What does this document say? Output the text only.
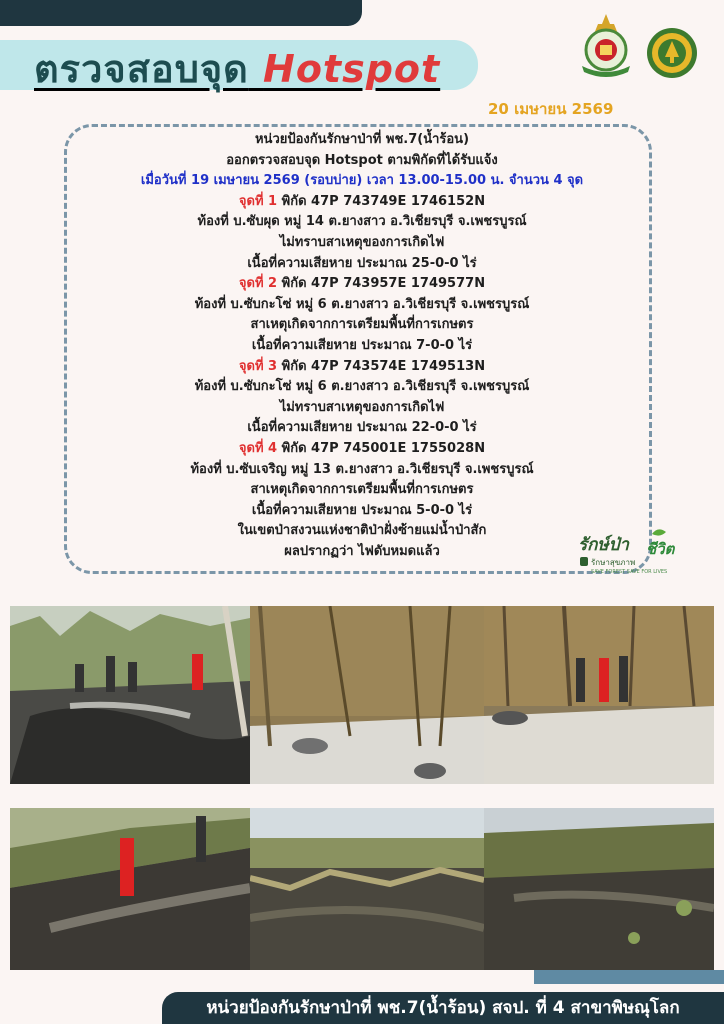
ตรวจสอบจุด Hotspot
20 เมษายน 2569
หน่วยป้องกันรักษาป่าที่ พช.7(น้ำร้อน)
ออกตรวจสอบจุด Hotspot ตามพิกัดที่ได้รับแจ้ง
เมื่อวันที่ 19 เมษายน 2569 (รอบบ่าย) เวลา 13.00-15.00 น. จำนวน 4 จุด
จุดที่ 1 พิกัด 47P 743749E 1746152N
ท้องที่ บ.ซับผุด หมู่ 14 ต.ยางสาว อ.วิเชียรบุรี จ.เพชรบูรณ์
ไม่ทราบสาเหตุของการเกิดไฟ
เนื้อที่ความเสียหาย ประมาณ 25-0-0 ไร่
จุดที่ 2 พิกัด 47P 743957E 1749577N
ท้องที่ บ.ซับกะโซ่ หมู่ 6 ต.ยางสาว อ.วิเชียรบุรี จ.เพชรบูรณ์
สาเหตุเกิดจากการเตรียมพื้นที่การเกษตร
เนื้อที่ความเสียหาย ประมาณ 7-0-0 ไร่
จุดที่ 3 พิกัด 47P 743574E 1749513N
ท้องที่ บ.ซับกะโซ่ หมู่ 6 ต.ยางสาว อ.วิเชียรบุรี จ.เพชรบูรณ์
ไม่ทราบสาเหตุของการเกิดไฟ
เนื้อที่ความเสียหาย ประมาณ 22-0-0 ไร่
จุดที่ 4 พิกัด 47P 745001E 1755028N
ท้องที่ บ.ซับเจริญ หมู่ 13 ต.ยางสาว อ.วิเชียรบุรี จ.เพชรบูรณ์
สาเหตุเกิดจากการเตรียมพื้นที่การเกษตร
เนื้อที่ความเสียหาย ประมาณ 5-0-0 ไร่
ในเขตป่าสงวนแห่งชาติป่าฝั่งซ้ายแม่น้ำป่าสัก
ผลปรากฏว่า ไฟดับหมดแล้ว	รักษ์ป่า ชีวิต
รักษาสุขภาพ
SAVE FOREST SAVE FOR LIVES
หน่วยป้องกันรักษาป่าที่ พช.7(น้ำร้อน) สจป. ที่ 4 สาขาพิษณุโลก
